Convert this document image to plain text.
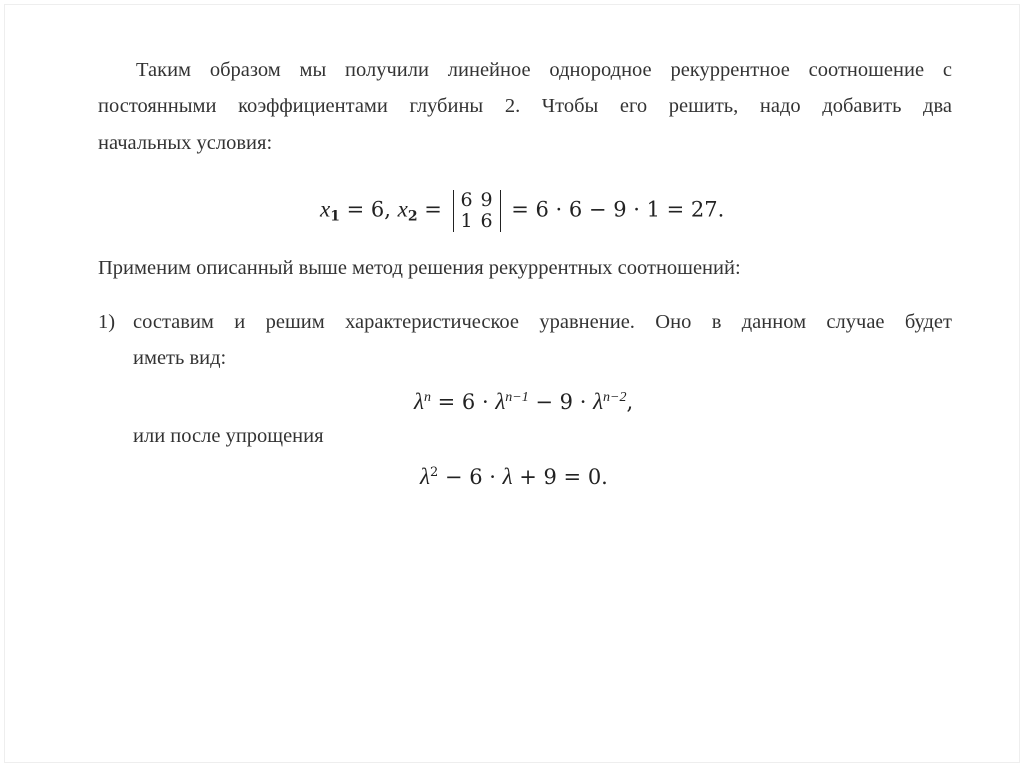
Таким образом мы получили линейное однородное рекуррентное соотношение с
постоянными коэффициентами глубины 2. Чтобы его решить, надо добавить два
начальных условия:
$x_1 = 6$, $x_2 = 6$ 9
1 6 = 6 · 6 − 9 · 1 = 27.
Применим описанный выше метод решения рекуррентных соотношений:
1) составим и решим характеристическое уравнение. Оно в данном случае будет
иметь вид:
$\lambda^n = 6 \cdot \lambda^{n-1} - 9 \cdot \lambda^{n-2}$,
или после упрощения
$\lambda^2 - 6 \cdot \lambda + 9 = 0$.
